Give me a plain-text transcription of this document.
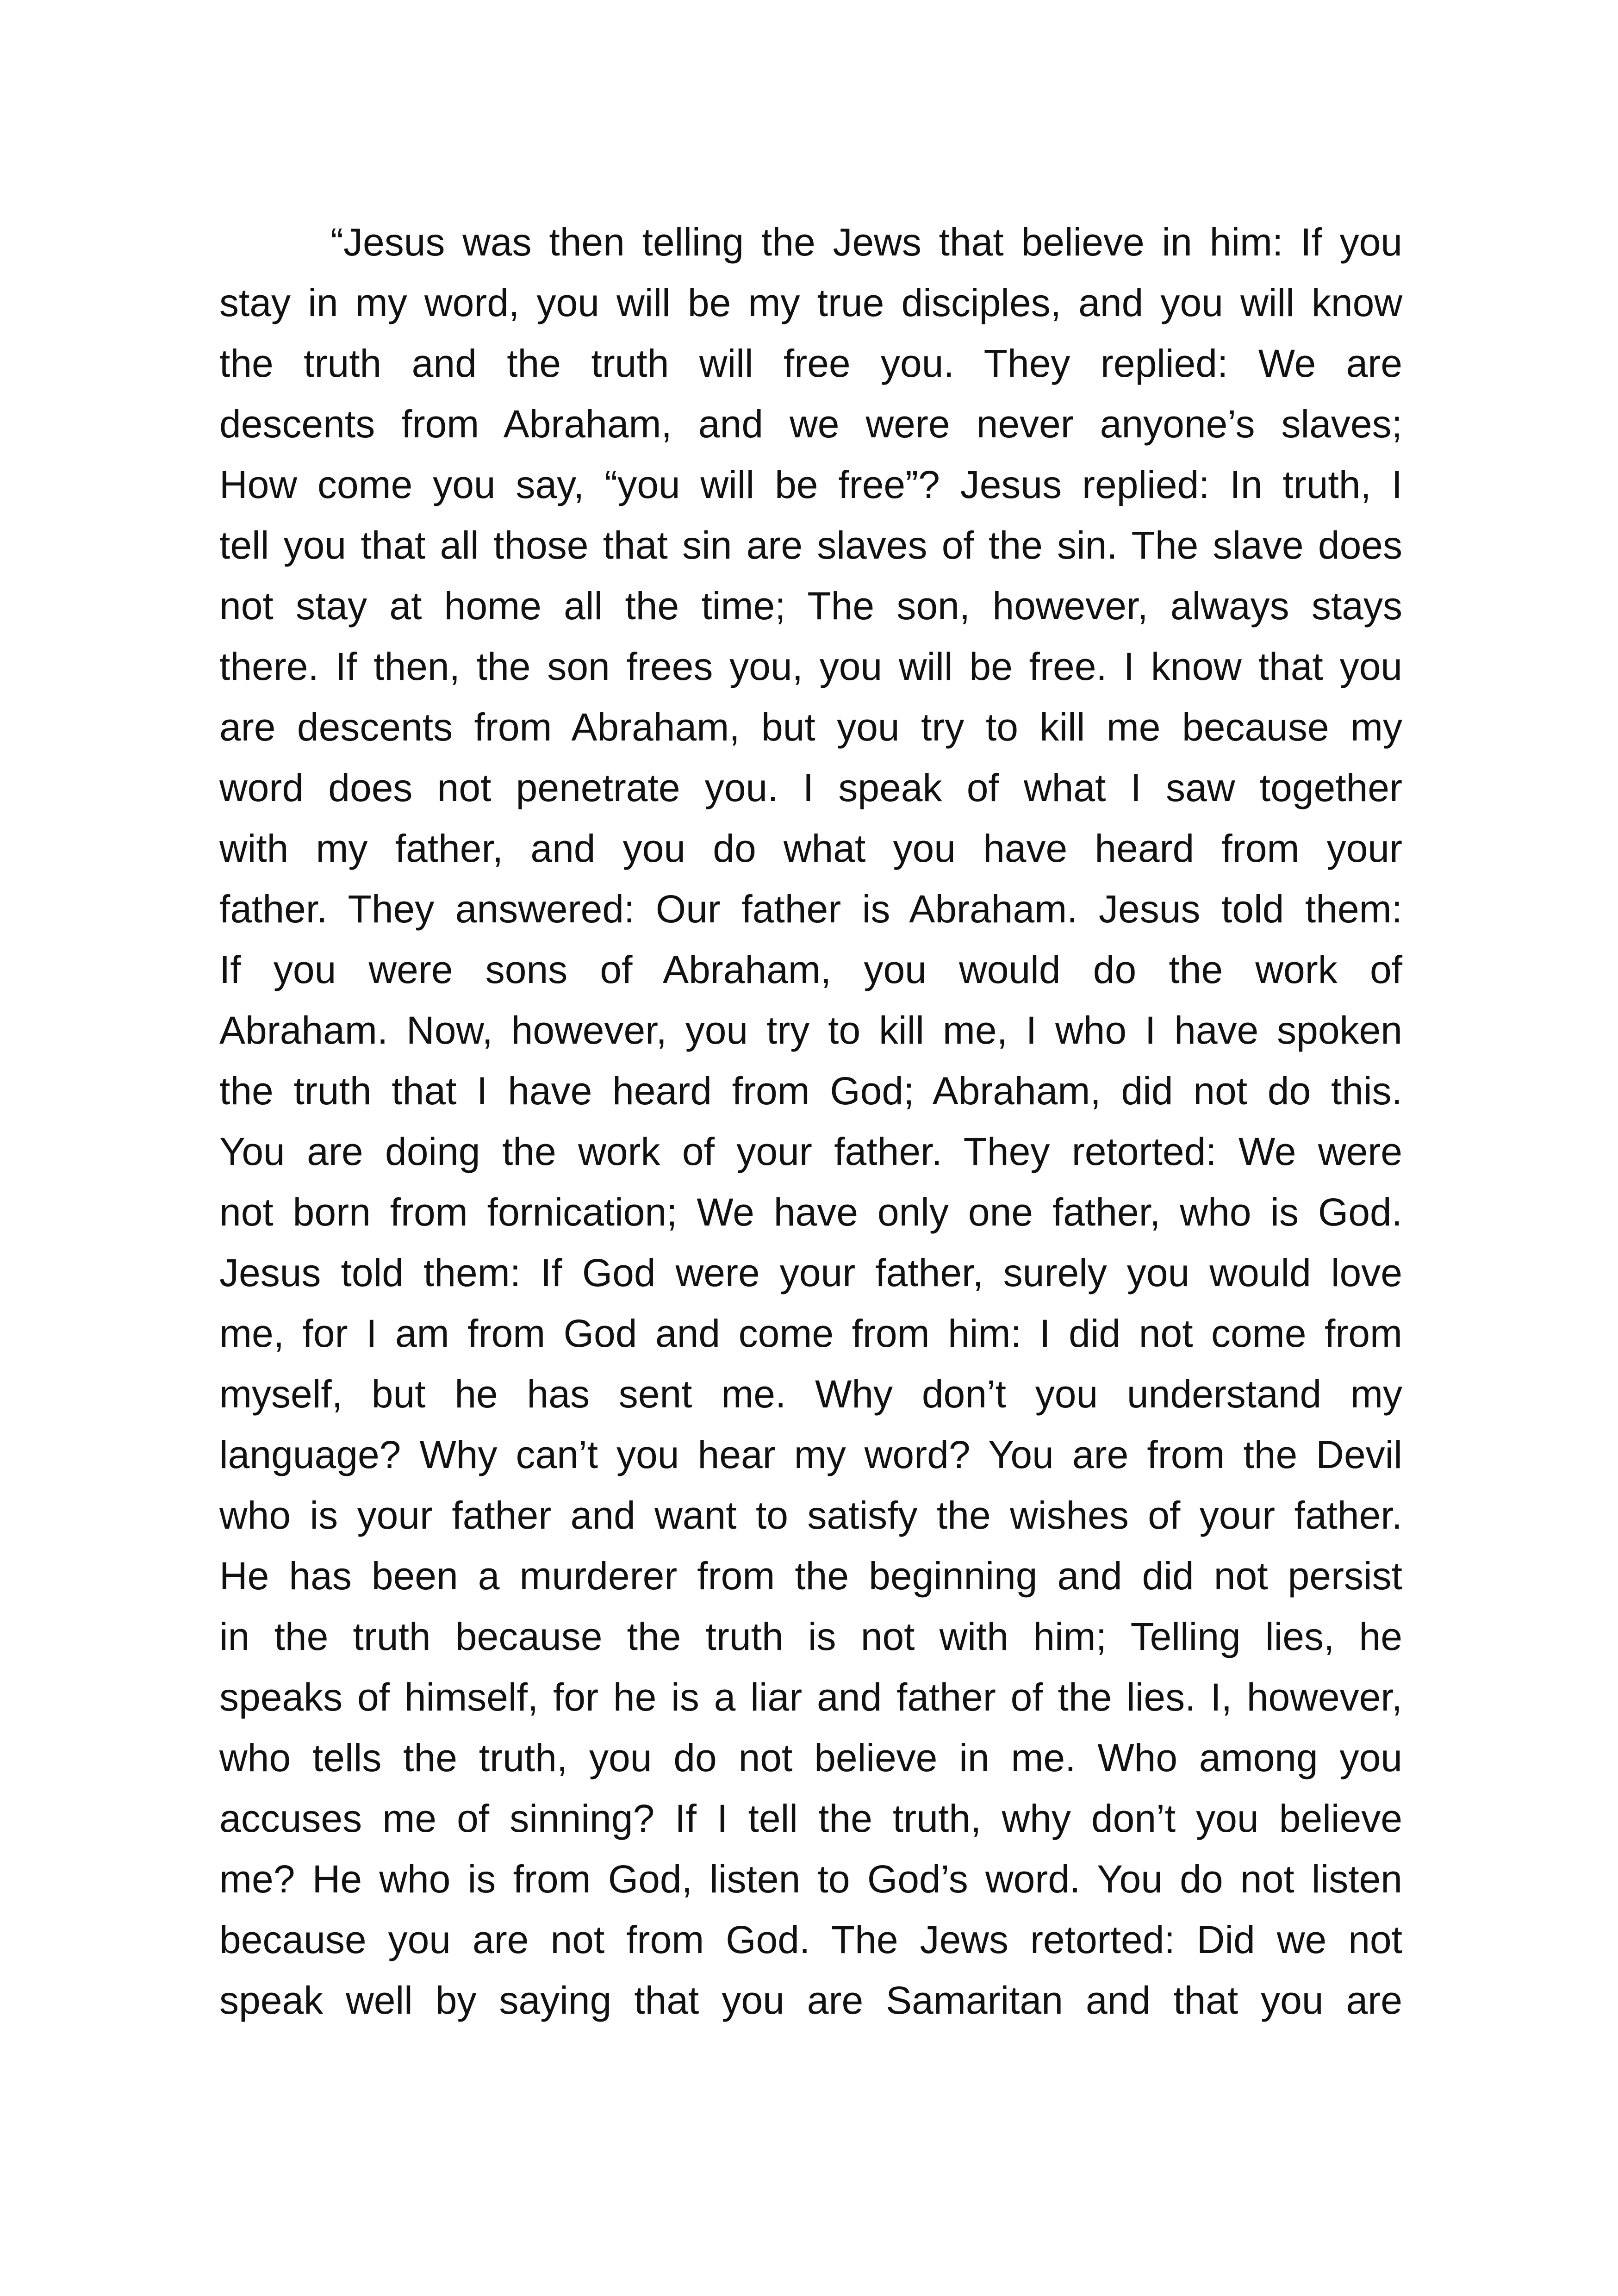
“Jesus was then telling the Jews that believe in him: If you
stay in my word, you will be my true disciples, and you will know
the truth and the truth will free you. They replied: We are
descents from Abraham, and we were never anyone’s slaves;
How come you say, “you will be free”? Jesus replied: In truth, I
tell you that all those that sin are slaves of the sin. The slave does
not stay at home all the time; The son, however, always stays
there. If then, the son frees you, you will be free. I know that you
are descents from Abraham, but you try to kill me because my
word does not penetrate you. I speak of what I saw together
with my father, and you do what you have heard from your
father. They answered: Our father is Abraham. Jesus told them:
If you were sons of Abraham, you would do the work of
Abraham. Now, however, you try to kill me, I who I have spoken
the truth that I have heard from God; Abraham, did not do this.
You are doing the work of your father. They retorted: We were
not born from fornication; We have only one father, who is God.
Jesus told them: If God were your father, surely you would love
me, for I am from God and come from him: I did not come from
myself, but he has sent me. Why don’t you understand my
language? Why can’t you hear my word? You are from the Devil
who is your father and want to satisfy the wishes of your father.
He has been a murderer from the beginning and did not persist
in the truth because the truth is not with him; Telling lies, he
speaks of himself, for he is a liar and father of the lies. I, however,
who tells the truth, you do not believe in me. Who among you
accuses me of sinning? If I tell the truth, why don’t you believe
me? He who is from God, listen to God’s word. You do not listen
because you are not from God. The Jews retorted: Did we not
speak well by saying that you are Samaritan and that you are
